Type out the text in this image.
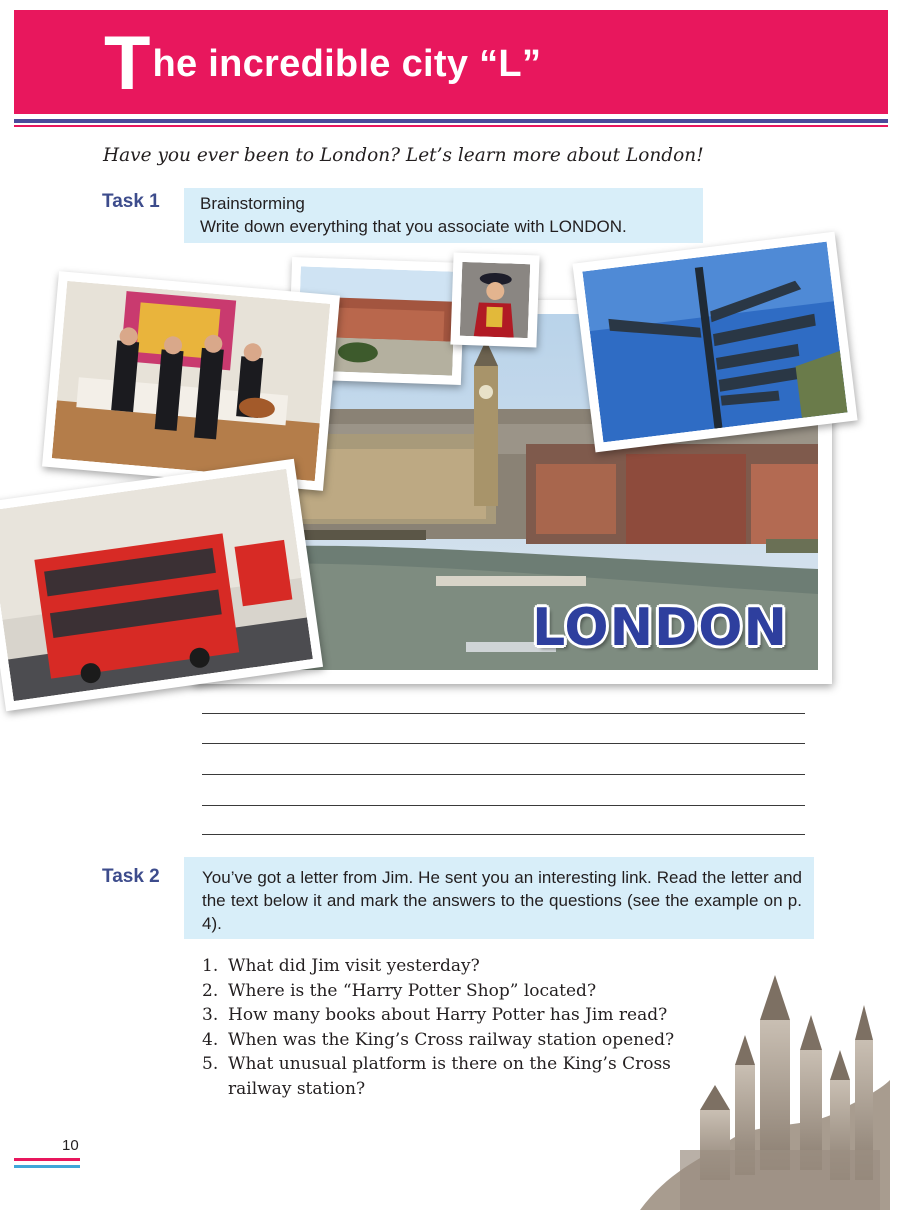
The incredible city “L”
Have you ever been to London? Let’s learn more about London!
Task 1 Brainstorming
Write down everything that you associate with LONDON.
LONDON
Task 2 You’ve got a letter from Jim. He sent you an interesting link. Read the letter and the text below it and mark the answers to the questions (see the example on p. 4).
1. What did Jim visit yesterday?
2. Where is the “Harry Potter Shop” located?
3. How many books about Harry Potter has Jim read?
4. When was the King’s Cross railway station opened?
5. What unusual platform is there on the King’s Cross railway station?
10
